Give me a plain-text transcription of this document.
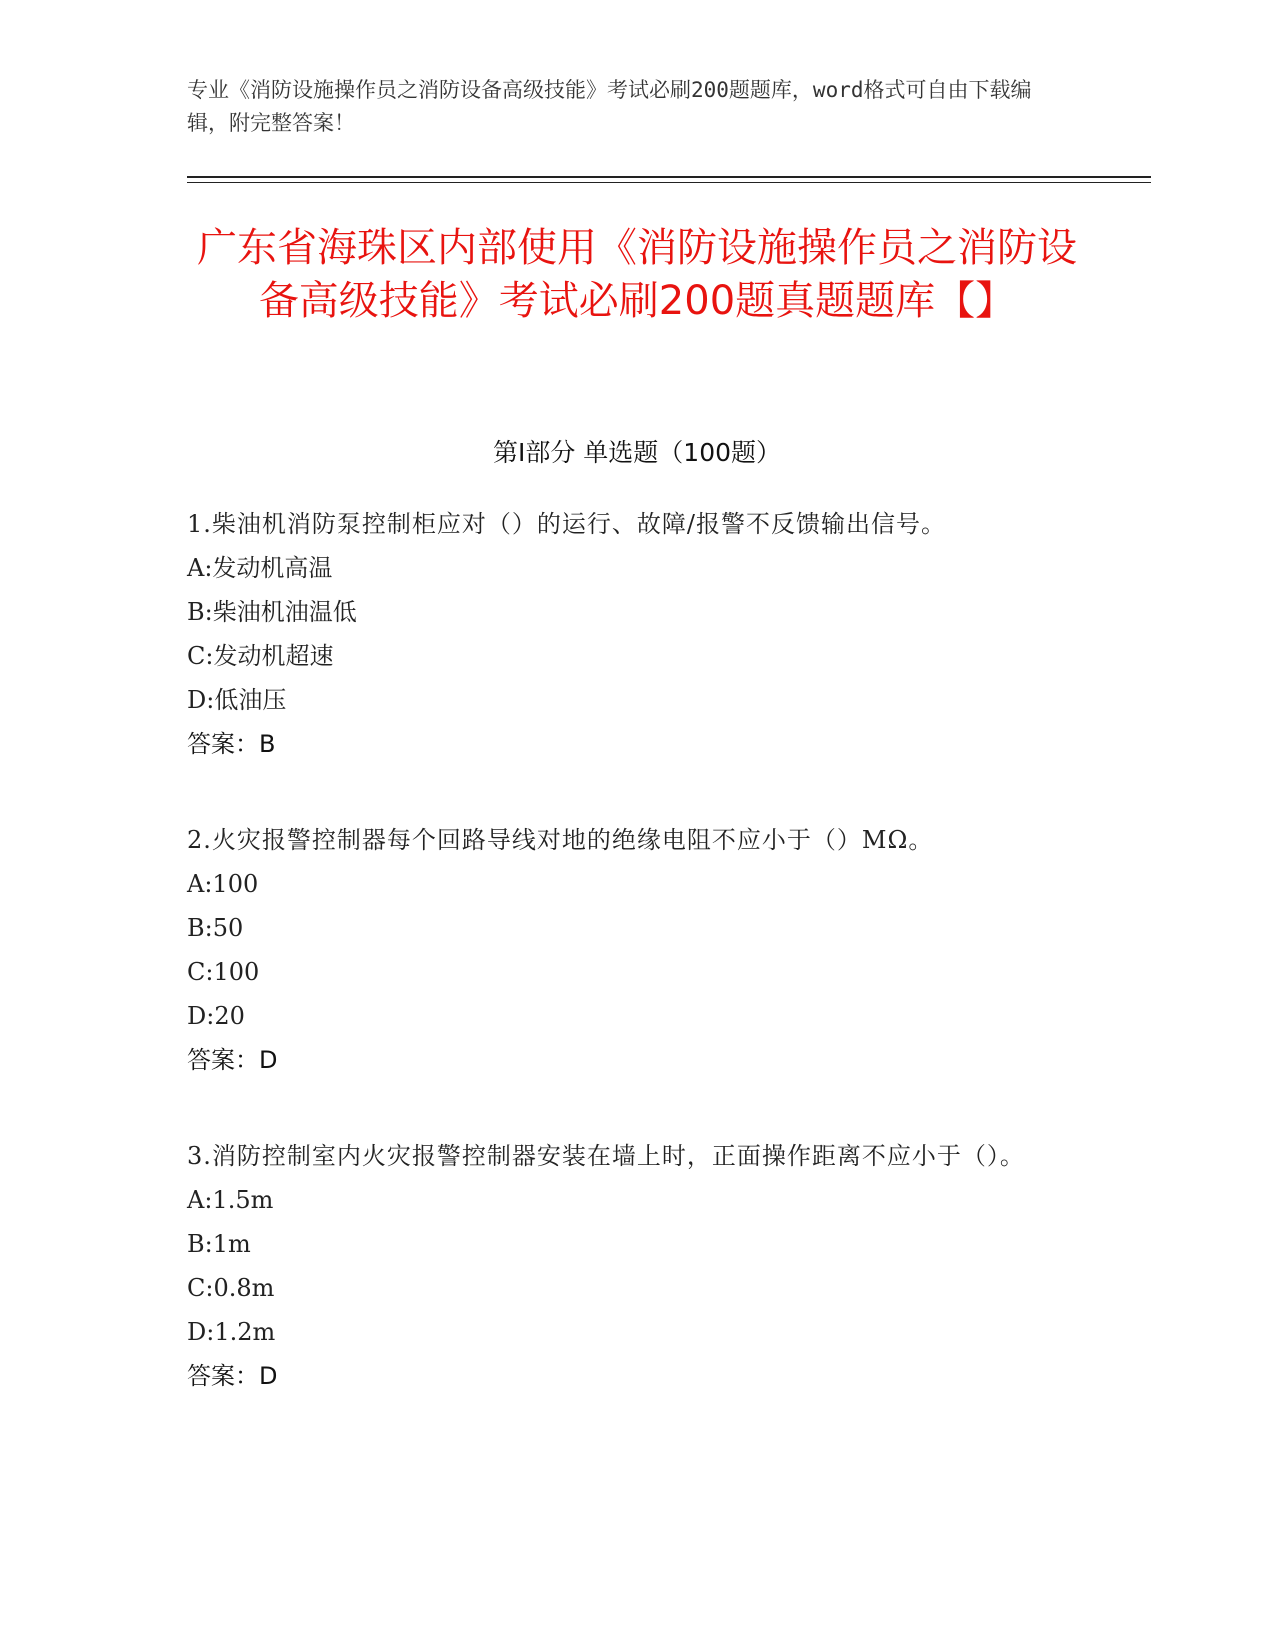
专业《消防设施操作员之消防设备高级技能》考试必刷200题题库，word格式可自由下载编辑，附完整答案！
广东省海珠区内部使用《消防设施操作员之消防设备高级技能》考试必刷200题真题题库【】
第I部分 单选题（100题）

1.柴油机消防泵控制柜应对（）的运行、故障/报警不反馈输出信号。

A:发动机高温

B:柴油机油温低

C:发动机超速

D:低油压

答案：B

2.火灾报警控制器每个回路导线对地的绝缘电阻不应小于（）MΩ。

A:100

B:50

C:100

D:20

答案：D

3.消防控制室内火灾报警控制器安装在墙上时，正面操作距离不应小于（）。

A:1.5m

B:1m

C:0.8m

D:1.2m

答案：D
